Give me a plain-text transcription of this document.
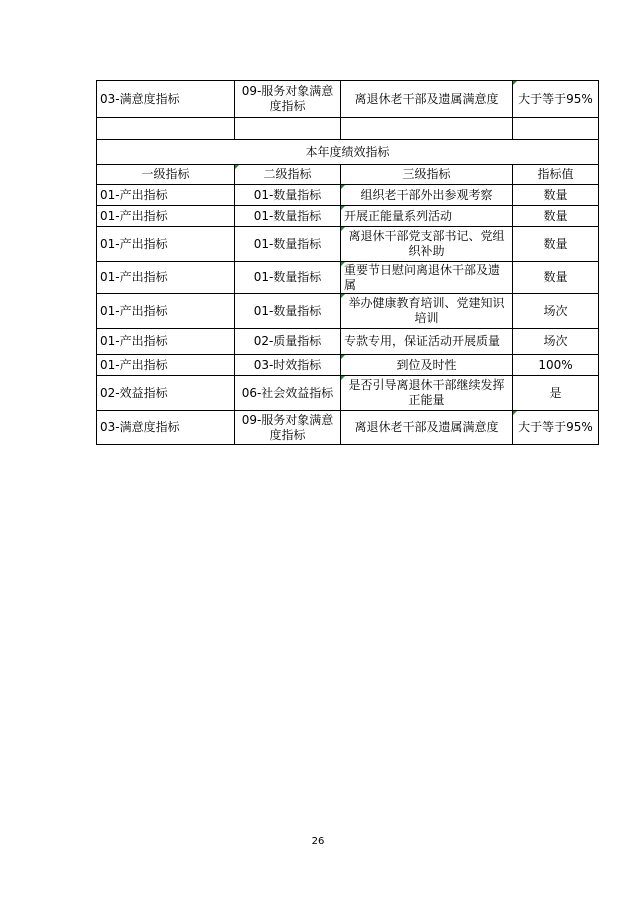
03-满意度指标	09-服务对象满意度指标	离退休老干部及遗属满意度	大于等于95%

本年度绩效指标			
一级指标	二级指标	三级指标	指标值
01-产出指标	01-数量指标	组织老干部外出参观考察	数量
01-产出指标	01-数量指标	开展正能量系列活动	数量
01-产出指标	01-数量指标	离退休干部党支部书记、党组织补助	数量
01-产出指标	01-数量指标	重要节日慰问离退休干部及遗属	数量
01-产出指标	01-数量指标	举办健康教育培训、党建知识培训	场次
01-产出指标	02-质量指标	专款专用，保证活动开展质量	场次
01-产出指标	03-时效指标	到位及时性	100%
02-效益指标	06-社会效益指标	是否引导离退休干部继续发挥正能量	是
03-满意度指标	09-服务对象满意度指标	离退休老干部及遗属满意度	大于等于95%
26
